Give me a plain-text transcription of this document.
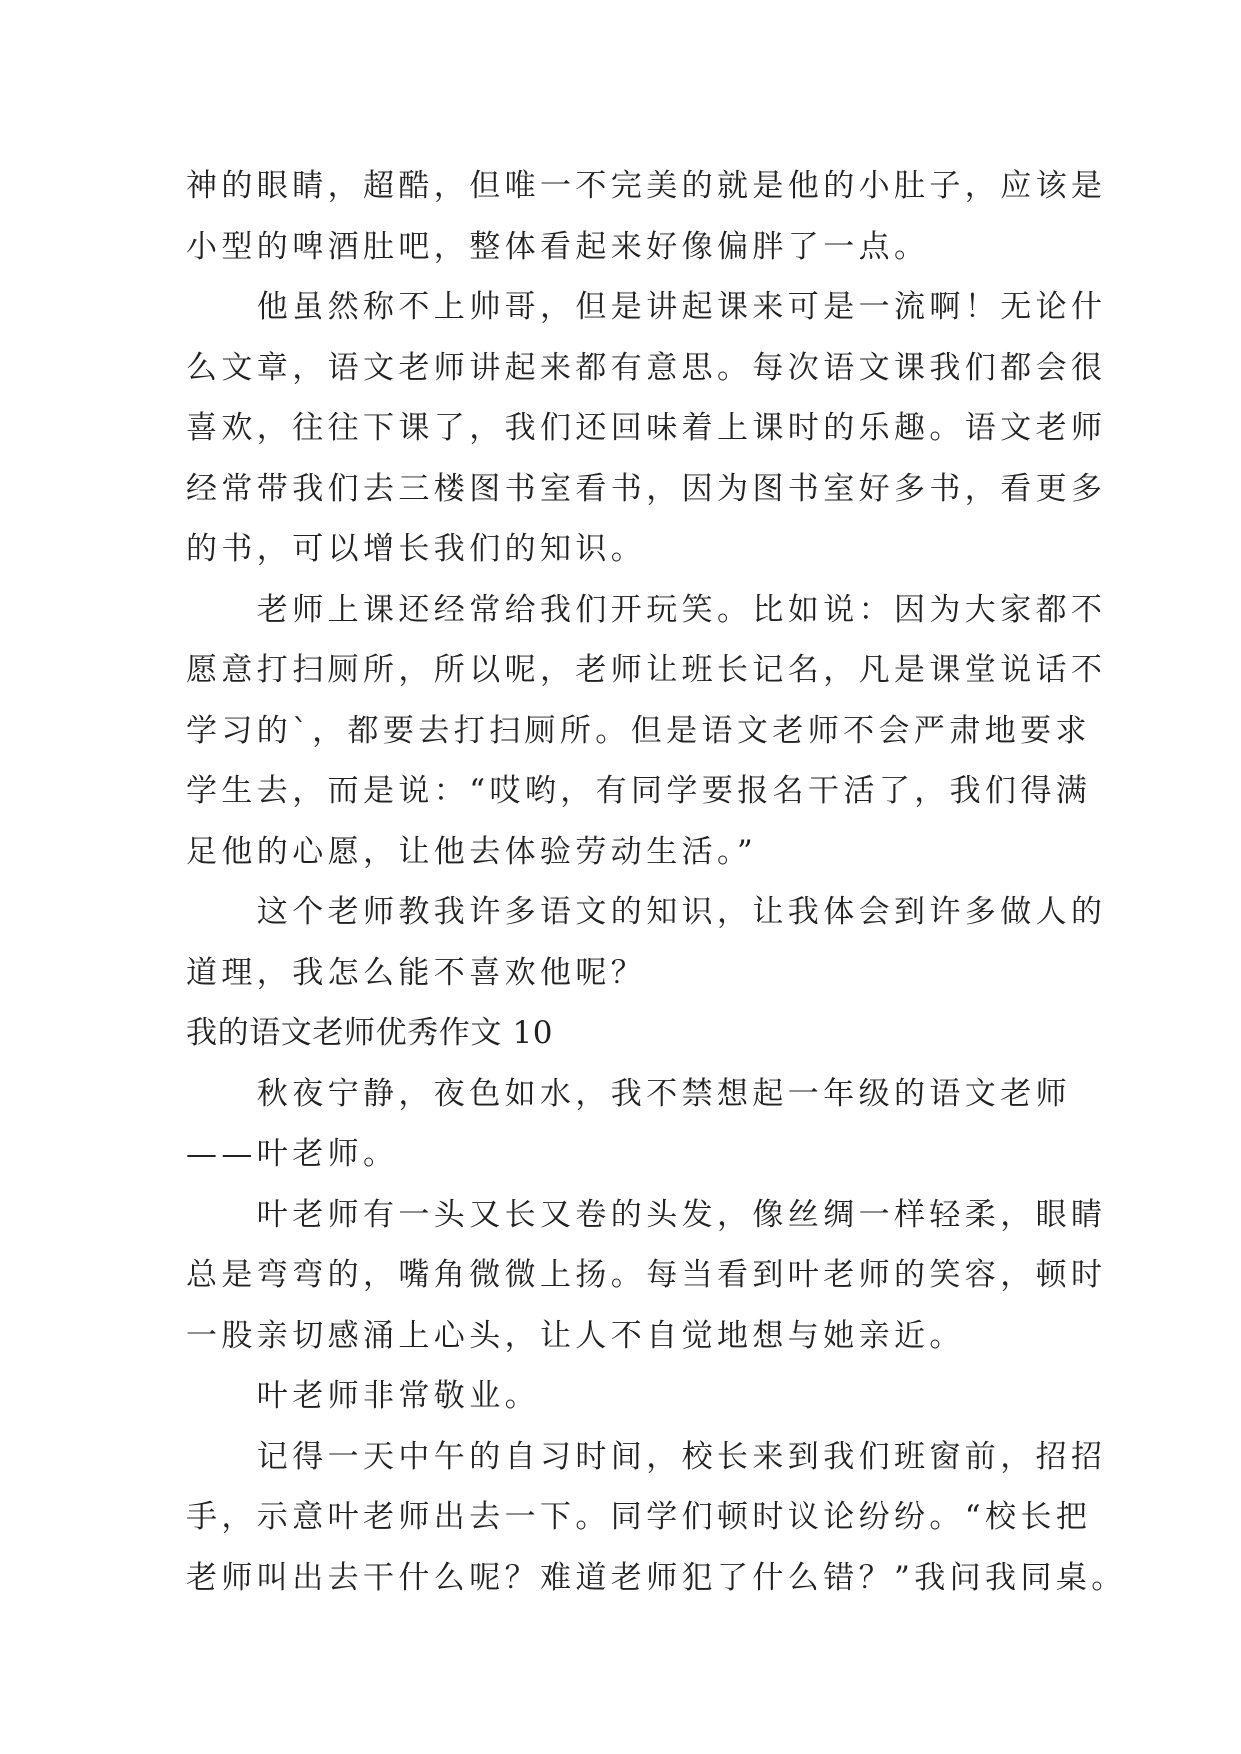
神的眼睛，超酷，但唯一不完美的就是他的小肚子，应该是
小型的啤酒肚吧，整体看起来好像偏胖了一点。
　　他虽然称不上帅哥，但是讲起课来可是一流啊！无论什
么文章，语文老师讲起来都有意思。每次语文课我们都会很
喜欢，往往下课了，我们还回味着上课时的乐趣。语文老师
经常带我们去三楼图书室看书，因为图书室好多书，看更多
的书，可以增长我们的知识。
　　老师上课还经常给我们开玩笑。比如说：因为大家都不
愿意打扫厕所，所以呢，老师让班长记名，凡是课堂说话不
学习的`，都要去打扫厕所。但是语文老师不会严肃地要求
学生去，而是说：“哎哟，有同学要报名干活了，我们得满
足他的心愿，让他去体验劳动生活。”
　　这个老师教我许多语文的知识，让我体会到许多做人的
道理，我怎么能不喜欢他呢？
我的语文老师优秀作文 10
　　秋夜宁静，夜色如水，我不禁想起一年级的语文老师
——叶老师。
　　叶老师有一头又长又卷的头发，像丝绸一样轻柔，眼睛
总是弯弯的，嘴角微微上扬。每当看到叶老师的笑容，顿时
一股亲切感涌上心头，让人不自觉地想与她亲近。
　　叶老师非常敬业。
　　记得一天中午的自习时间，校长来到我们班窗前，招招
手，示意叶老师出去一下。同学们顿时议论纷纷。“校长把
老师叫出去干什么呢？难道老师犯了什么错？”我问我同桌。
